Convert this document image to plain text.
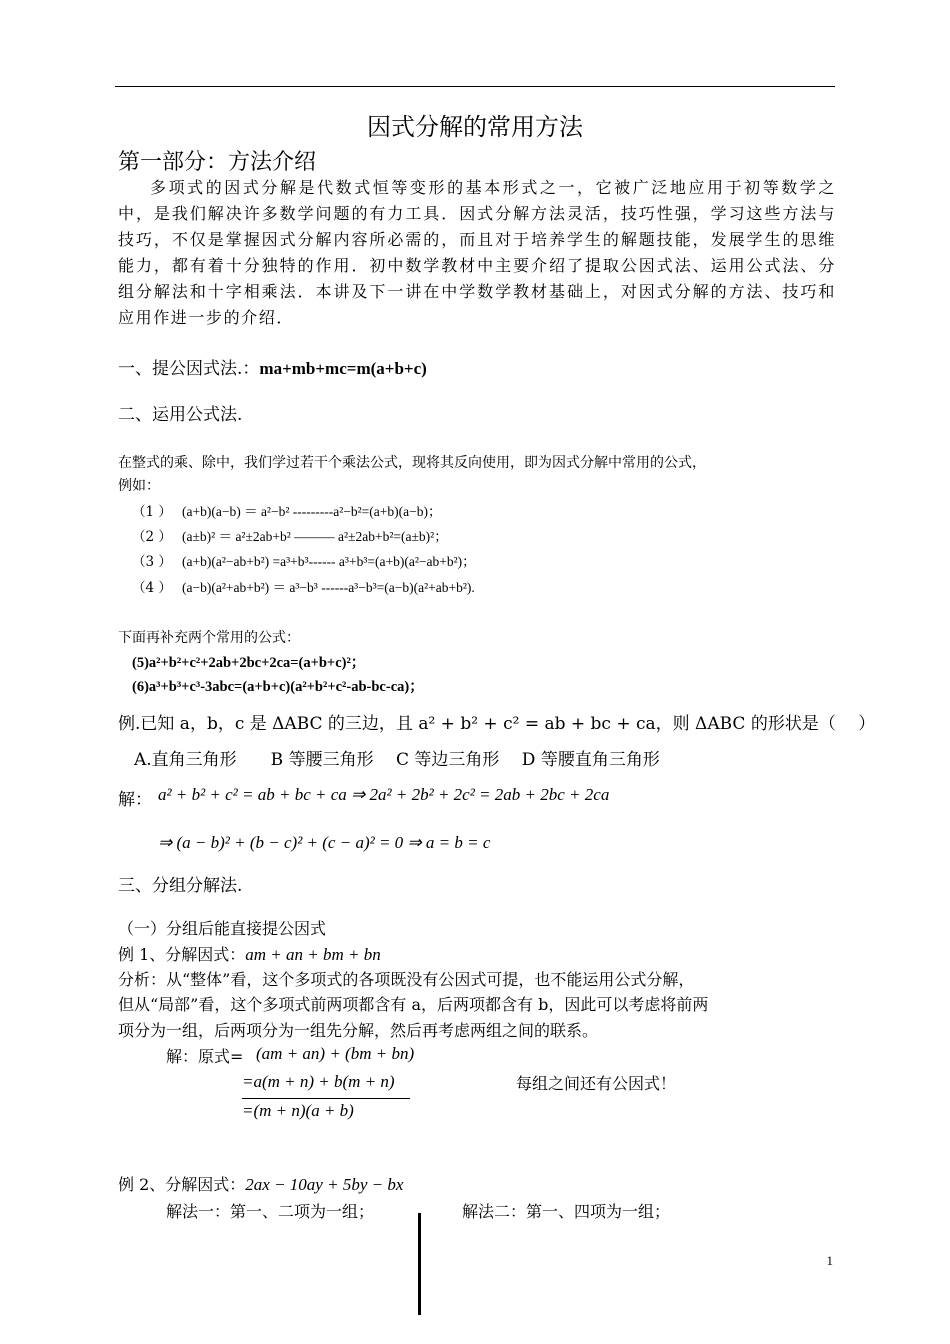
因式分解的常用方法
第一部分：方法介绍

多项式的因式分解是代数式恒等变形的基本形式之一，它被广泛地应用于初等数学之中，是我们解决许多数学问题的有力工具．因式分解方法灵活，技巧性强，学习这些方法与技巧，不仅是掌握因式分解内容所必需的，而且对于培养学生的解题技能，发展学生的思维能力，都有着十分独特的作用．初中数学教材中主要介绍了提取公因式法、运用公式法、分组分解法和十字相乘法．本讲及下一讲在中学数学教材基础上，对因式分解的方法、技巧和应用作进一步的介绍．

一、提公因式法.：ma+mb+mc=m(a+b+c)
二、运用公式法.
在整式的乘、除中，我们学过若干个乘法公式，现将其反向使用，即为因式分解中常用的公式，
例如：
（1 ） (a+b)(a−b) ＝ a²−b² ---------a²−b²=(a+b)(a−b)；
（2 ） (a±b)² ＝ a²±2ab+b² ——— a²±2ab+b²=(a±b)²；
（3 ） (a+b)(a²−ab+b²) =a³+b³------ a³+b³=(a+b)(a²−ab+b²)；
（4 ） (a−b)(a²+ab+b²) ＝ a³−b³ ------a³−b³=(a−b)(a²+ab+b²).
下面再补充两个常用的公式：
(5)a²+b²+c²+2ab+2bc+2ca=(a+b+c)²；
(6)a³+b³+c³-3abc=(a+b+c)(a²+b²+c²-ab-bc-ca)；
例.已知 a，b，c 是 ΔABC 的三边，且 a² + b² + c² = ab + bc + ca，则 ΔABC 的形状是（　 ）
A.直角三角形　　B 等腰三角形　 C 等边三角形　 D 等腰直角三角形
解： a² + b² + c² = ab + bc + ca ⇒ 2a² + 2b² + 2c² = 2ab + 2bc + 2ca
⇒ (a − b)² + (b − c)² + (c − a)² = 0 ⇒ a = b = c
三、分组分解法.
（一）分组后能直接提公因式
例 1、分解因式：am + an + bm + bn
分析：从“整体”看，这个多项式的各项既没有公因式可提，也不能运用公式分解，
但从“局部”看，这个多项式前两项都含有 a，后两项都含有 b，因此可以考虑将前两
项分为一组，后两项分为一组先分解，然后再考虑两组之间的联系。
解：原式= (am + an) + (bm + bn)
=a(m + n) + b(m + n)	每组之间还有公因式！
=(m + n)(a + b)
例 2、分解因式：2ax − 10ay + 5by − bx
解法一：第一、二项为一组；	解法二：第一、四项为一组；
1
